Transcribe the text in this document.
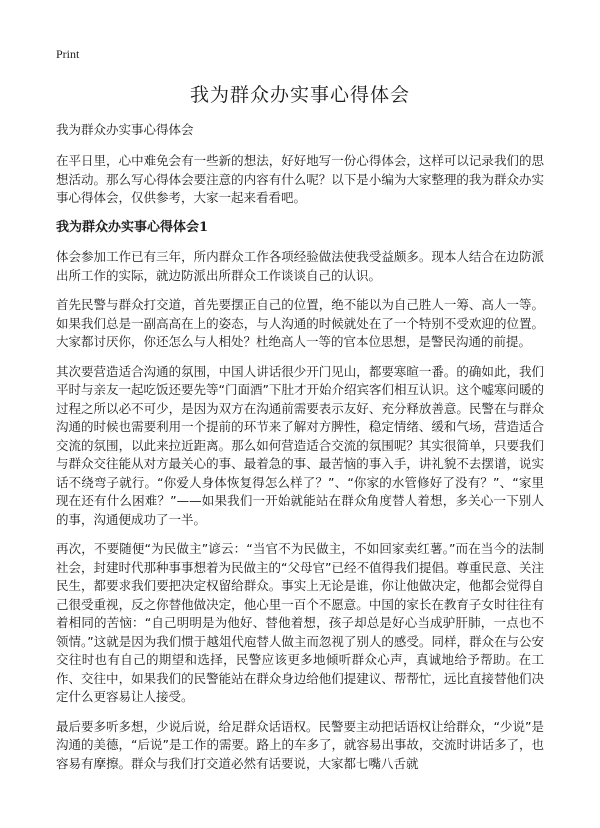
Print
我为群众办实事心得体会

我为群众办实事心得体会

在平日里，心中难免会有一些新的想法，好好地写一份心得体会，这样可以记录我们的思想活动。那么写心得体会要注意的内容有什么呢？以下是小编为大家整理的我为群众办实事心得体会，仅供参考，大家一起来看看吧。

我为群众办实事心得体会1

体会参加工作已有三年，所内群众工作各项经验做法使我受益颇多。现本人结合在边防派出所工作的实际，就边防派出所群众工作谈谈自己的认识。

首先民警与群众打交道，首先要摆正自己的位置，绝不能以为自己胜人一筹、高人一等。如果我们总是一副高高在上的姿态，与人沟通的时候就处在了一个特别不受欢迎的位置。大家都讨厌你，你还怎么与人相处？杜绝高人一等的官本位思想，是警民沟通的前提。

其次要营造适合沟通的氛围，中国人讲话很少开门见山，都要寒暄一番。的确如此，我们平时与亲友一起吃饭还要先等“门面酒”下肚才开始介绍宾客们相互认识。这个嘘寒问暖的过程之所以必不可少，是因为双方在沟通前需要表示友好、充分释放善意。民警在与群众沟通的时候也需要利用一个提前的环节来了解对方脾性，稳定情绪、缓和气场，营造适合交流的氛围，以此来拉近距离。那么如何营造适合交流的氛围呢？其实很简单，只要我们与群众交往能从对方最关心的事、最着急的事、最苦恼的事入手，讲礼貌不去摆谱，说实话不绕弯子就行。“你爱人身体恢复得怎么样了？”、“你家的水管修好了没有？”、“家里现在还有什么困难？”——如果我们一开始就能站在群众角度替人着想，多关心一下别人的事，沟通便成功了一半。

再次，不要随便“为民做主”谚云：“当官不为民做主，不如回家卖红薯。”而在当今的法制社会，封建时代那种事事想着为民做主的“父母官”已经不值得我们提倡。尊重民意、关注民生，都要求我们要把决定权留给群众。事实上无论是谁，你让他做决定，他都会觉得自己很受重视，反之你替他做决定，他心里一百个不愿意。中国的家长在教育子女时往往有着相同的苦恼：“自己明明是为他好、替他着想，孩子却总是好心当成驴肝肺，一点也不领情。”这就是因为我们惯于越俎代庖替人做主而忽视了别人的感受。同样，群众在与公安交往时也有自己的期望和选择，民警应该更多地倾听群众心声，真诚地给予帮助。在工作、交往中，如果我们的民警能站在群众身边给他们提建议、帮帮忙，远比直接替他们决定什么更容易让人接受。

最后要多听多想，少说后说，给足群众话语权。民警要主动把话语权让给群众，“少说”是沟通的美德，“后说”是工作的需要。路上的车多了，就容易出事故，交流时讲话多了，也容易有摩擦。群众与我们打交道必然有话要说，大家都七嘴八舌就
